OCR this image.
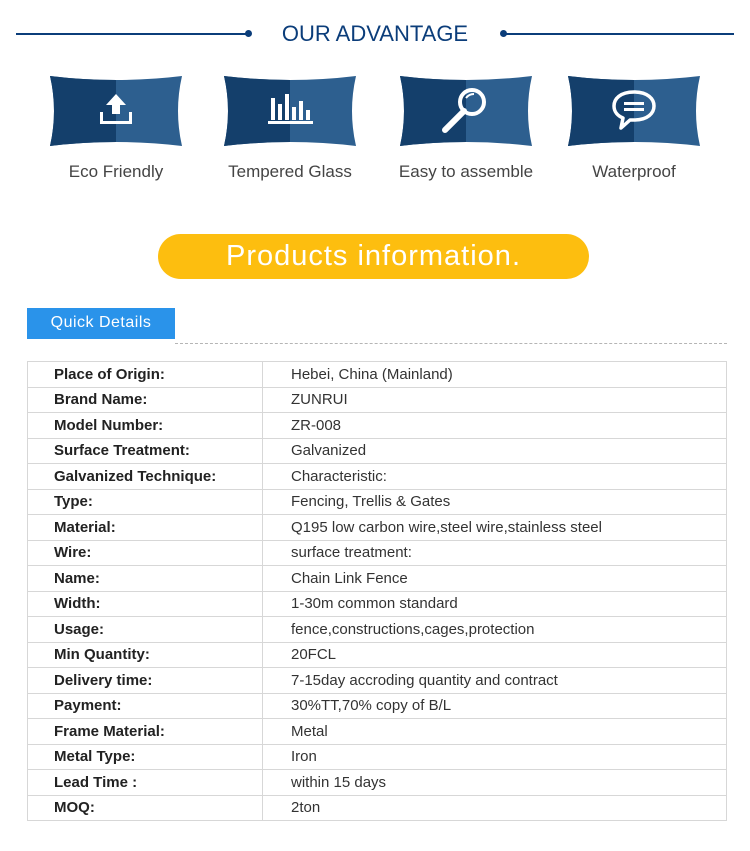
OUR ADVANTAGE
Eco Friendly	Tempered Glass	Easy to assemble	Waterproof
Products information.
Quick Details
Place of Origin:	Hebei, China (Mainland)
Brand Name:	ZUNRUI
Model Number:	ZR-008
Surface Treatment:	Galvanized
Galvanized Technique:	Characteristic:
Type:	Fencing, Trellis & Gates
Material:	Q195 low carbon wire,steel wire,stainless steel
Wire:	surface treatment:
Name:	Chain Link Fence
Width:	1-30m common standard
Usage:	fence,constructions,cages,protection
Min Quantity:	20FCL
Delivery time:	7-15day accroding quantity and contract
Payment:	30%TT,70% copy of B/L
Frame Material:	Metal
Metal Type:	Iron
Lead Time :	within 15 days
MOQ:	2ton
